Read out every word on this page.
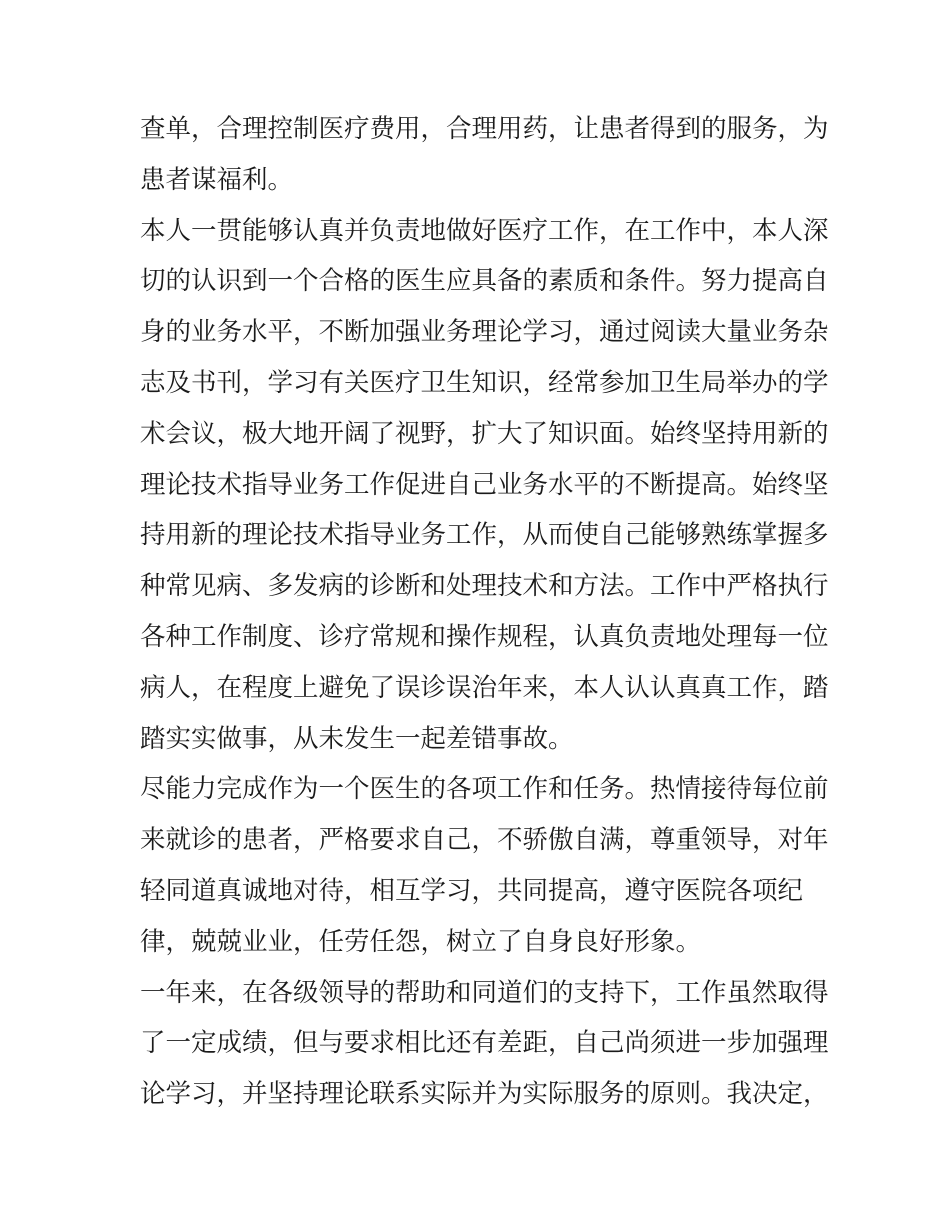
查单，合理控制医疗费用，合理用药，让患者得到的服务，为
患者谋福利。
本人一贯能够认真并负责地做好医疗工作，在工作中，本人深
切的认识到一个合格的医生应具备的素质和条件。努力提高自
身的业务水平，不断加强业务理论学习，通过阅读大量业务杂
志及书刊，学习有关医疗卫生知识，经常参加卫生局举办的学
术会议，极大地开阔了视野，扩大了知识面。始终坚持用新的
理论技术指导业务工作促进自己业务水平的不断提高。始终坚
持用新的理论技术指导业务工作，从而使自己能够熟练掌握多
种常见病、多发病的诊断和处理技术和方法。工作中严格执行
各种工作制度、诊疗常规和操作规程，认真负责地处理每一位
病人，在程度上避免了误诊误治年来，本人认认真真工作，踏
踏实实做事，从未发生一起差错事故。
尽能力完成作为一个医生的各项工作和任务。热情接待每位前
来就诊的患者，严格要求自己，不骄傲自满，尊重领导，对年
轻同道真诚地对待，相互学习，共同提高，遵守医院各项纪
律，兢兢业业，任劳任怨，树立了自身良好形象。
一年来，在各级领导的帮助和同道们的支持下，工作虽然取得
了一定成绩，但与要求相比还有差距，自己尚须进一步加强理
论学习，并坚持理论联系实际并为实际服务的原则。我决定，
